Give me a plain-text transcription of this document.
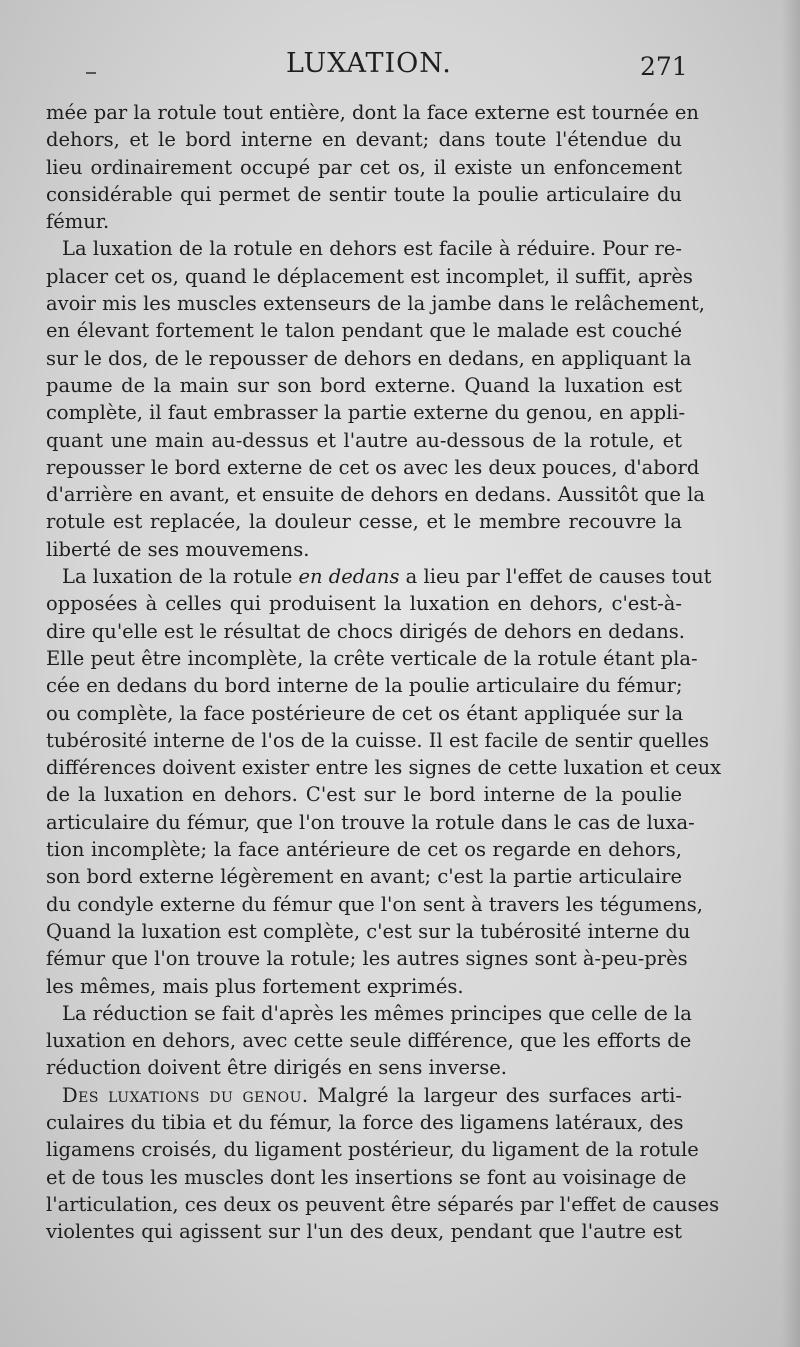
LUXATION.	271

mée par la rotule tout entière, dont la face externe est tournée en
dehors, et le bord interne en devant; dans toute l'étendue du
lieu ordinairement occupé par cet os, il existe un enfoncement
considérable qui permet de sentir toute la poulie articulaire du
fémur.

La luxation de la rotule en dehors est facile à réduire. Pour re-
placer cet os, quand le déplacement est incomplet, il suffit, après
avoir mis les muscles extenseurs de la jambe dans le relâchement,
en élevant fortement le talon pendant que le malade est couché
sur le dos, de le repousser de dehors en dedans, en appliquant la
paume de la main sur son bord externe. Quand la luxation est
complète, il faut embrasser la partie externe du genou, en appli-
quant une main au-dessus et l'autre au-dessous de la rotule, et
repousser le bord externe de cet os avec les deux pouces, d'abord
d'arrière en avant, et ensuite de dehors en dedans. Aussitôt que la
rotule est replacée, la douleur cesse, et le membre recouvre la
liberté de ses mouvemens.

La luxation de la rotule en dedans a lieu par l'effet de causes tout
opposées à celles qui produisent la luxation en dehors, c'est-à-
dire qu'elle est le résultat de chocs dirigés de dehors en dedans.
Elle peut être incomplète, la crête verticale de la rotule étant pla-
cée en dedans du bord interne de la poulie articulaire du fémur;
ou complète, la face postérieure de cet os étant appliquée sur la
tubérosité interne de l'os de la cuisse. Il est facile de sentir quelles
différences doivent exister entre les signes de cette luxation et ceux
de la luxation en dehors. C'est sur le bord interne de la poulie
articulaire du fémur, que l'on trouve la rotule dans le cas de luxa-
tion incomplète; la face antérieure de cet os regarde en dehors,
son bord externe légèrement en avant; c'est la partie articulaire
du condyle externe du fémur que l'on sent à travers les tégumens,
Quand la luxation est complète, c'est sur la tubérosité interne du
fémur que l'on trouve la rotule; les autres signes sont à-peu-près
les mêmes, mais plus fortement exprimés.

La réduction se fait d'après les mêmes principes que celle de la
luxation en dehors, avec cette seule différence, que les efforts de
réduction doivent être dirigés en sens inverse.

Des luxations du genou. Malgré la largeur des surfaces arti-
culaires du tibia et du fémur, la force des ligamens latéraux, des
ligamens croisés, du ligament postérieur, du ligament de la rotule
et de tous les muscles dont les insertions se font au voisinage de
l'articulation, ces deux os peuvent être séparés par l'effet de causes
violentes qui agissent sur l'un des deux, pendant que l'autre est
